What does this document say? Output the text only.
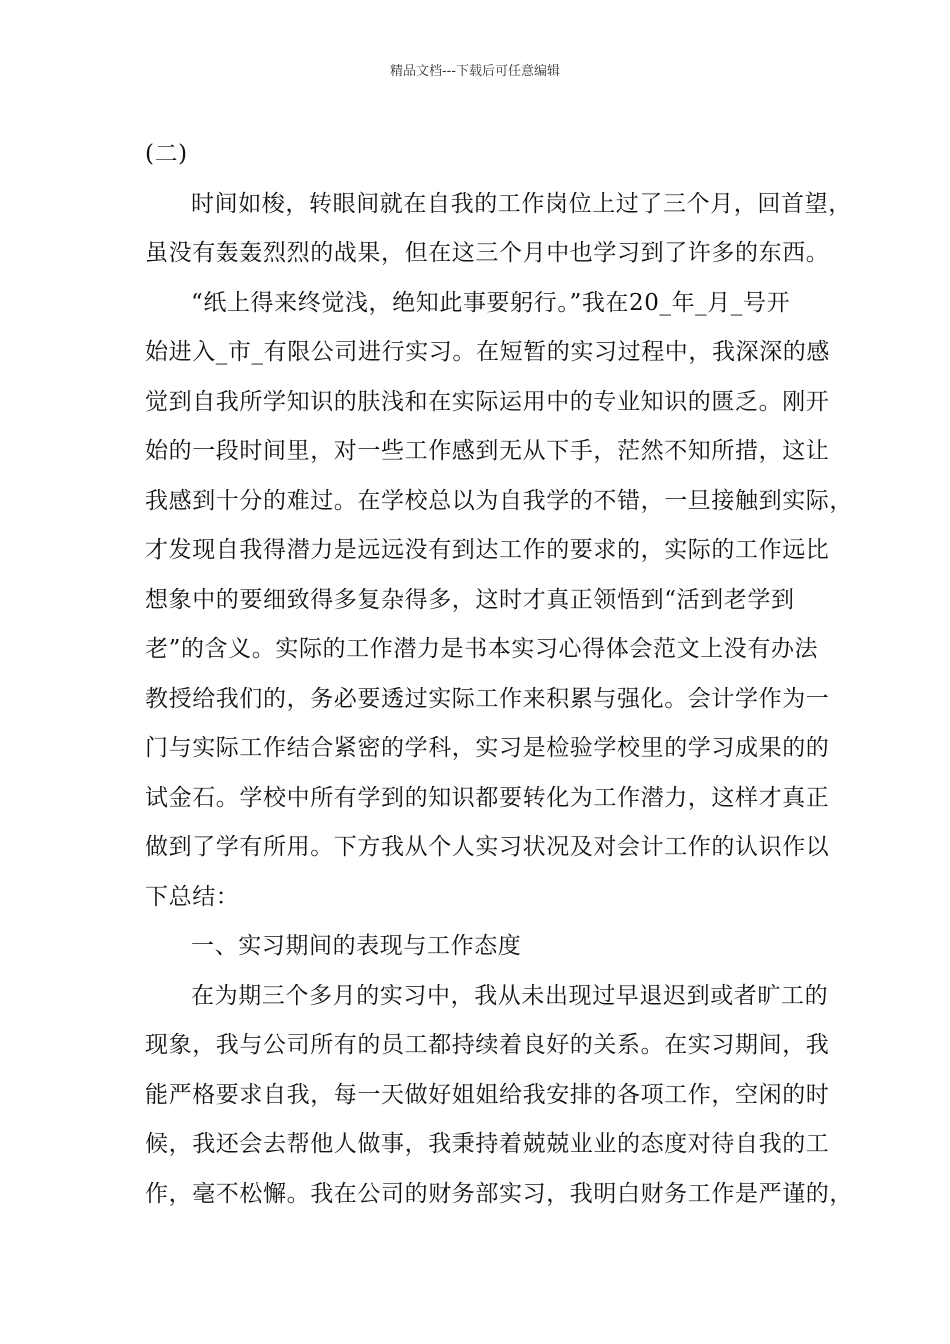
精品文档---下载后可任意编辑
(二)
时间如梭，转眼间就在自我的工作岗位上过了三个月，回首望，
虽没有轰轰烈烈的战果，但在这三个月中也学习到了许多的东西。
“纸上得来终觉浅，绝知此事要躬行。”我在20_年_月_号开
始进入_市_有限公司进行实习。在短暂的实习过程中，我深深的感
觉到自我所学知识的肤浅和在实际运用中的专业知识的匮乏。刚开
始的一段时间里，对一些工作感到无从下手，茫然不知所措，这让
我感到十分的难过。在学校总以为自我学的不错，一旦接触到实际，
才发现自我得潜力是远远没有到达工作的要求的，实际的工作远比
想象中的要细致得多复杂得多，这时才真正领悟到“活到老学到
老”的含义。实际的工作潜力是书本实习心得体会范文上没有办法
教授给我们的，务必要透过实际工作来积累与强化。会计学作为一
门与实际工作结合紧密的学科，实习是检验学校里的学习成果的的
试金石。学校中所有学到的知识都要转化为工作潜力，这样才真正
做到了学有所用。下方我从个人实习状况及对会计工作的认识作以
下总结：
一、实习期间的表现与工作态度
在为期三个多月的实习中，我从未出现过早退迟到或者旷工的
现象，我与公司所有的员工都持续着良好的关系。在实习期间，我
能严格要求自我，每一天做好姐姐给我安排的各项工作，空闲的时
候，我还会去帮他人做事，我秉持着兢兢业业的态度对待自我的工
作，毫不松懈。我在公司的财务部实习，我明白财务工作是严谨的，
